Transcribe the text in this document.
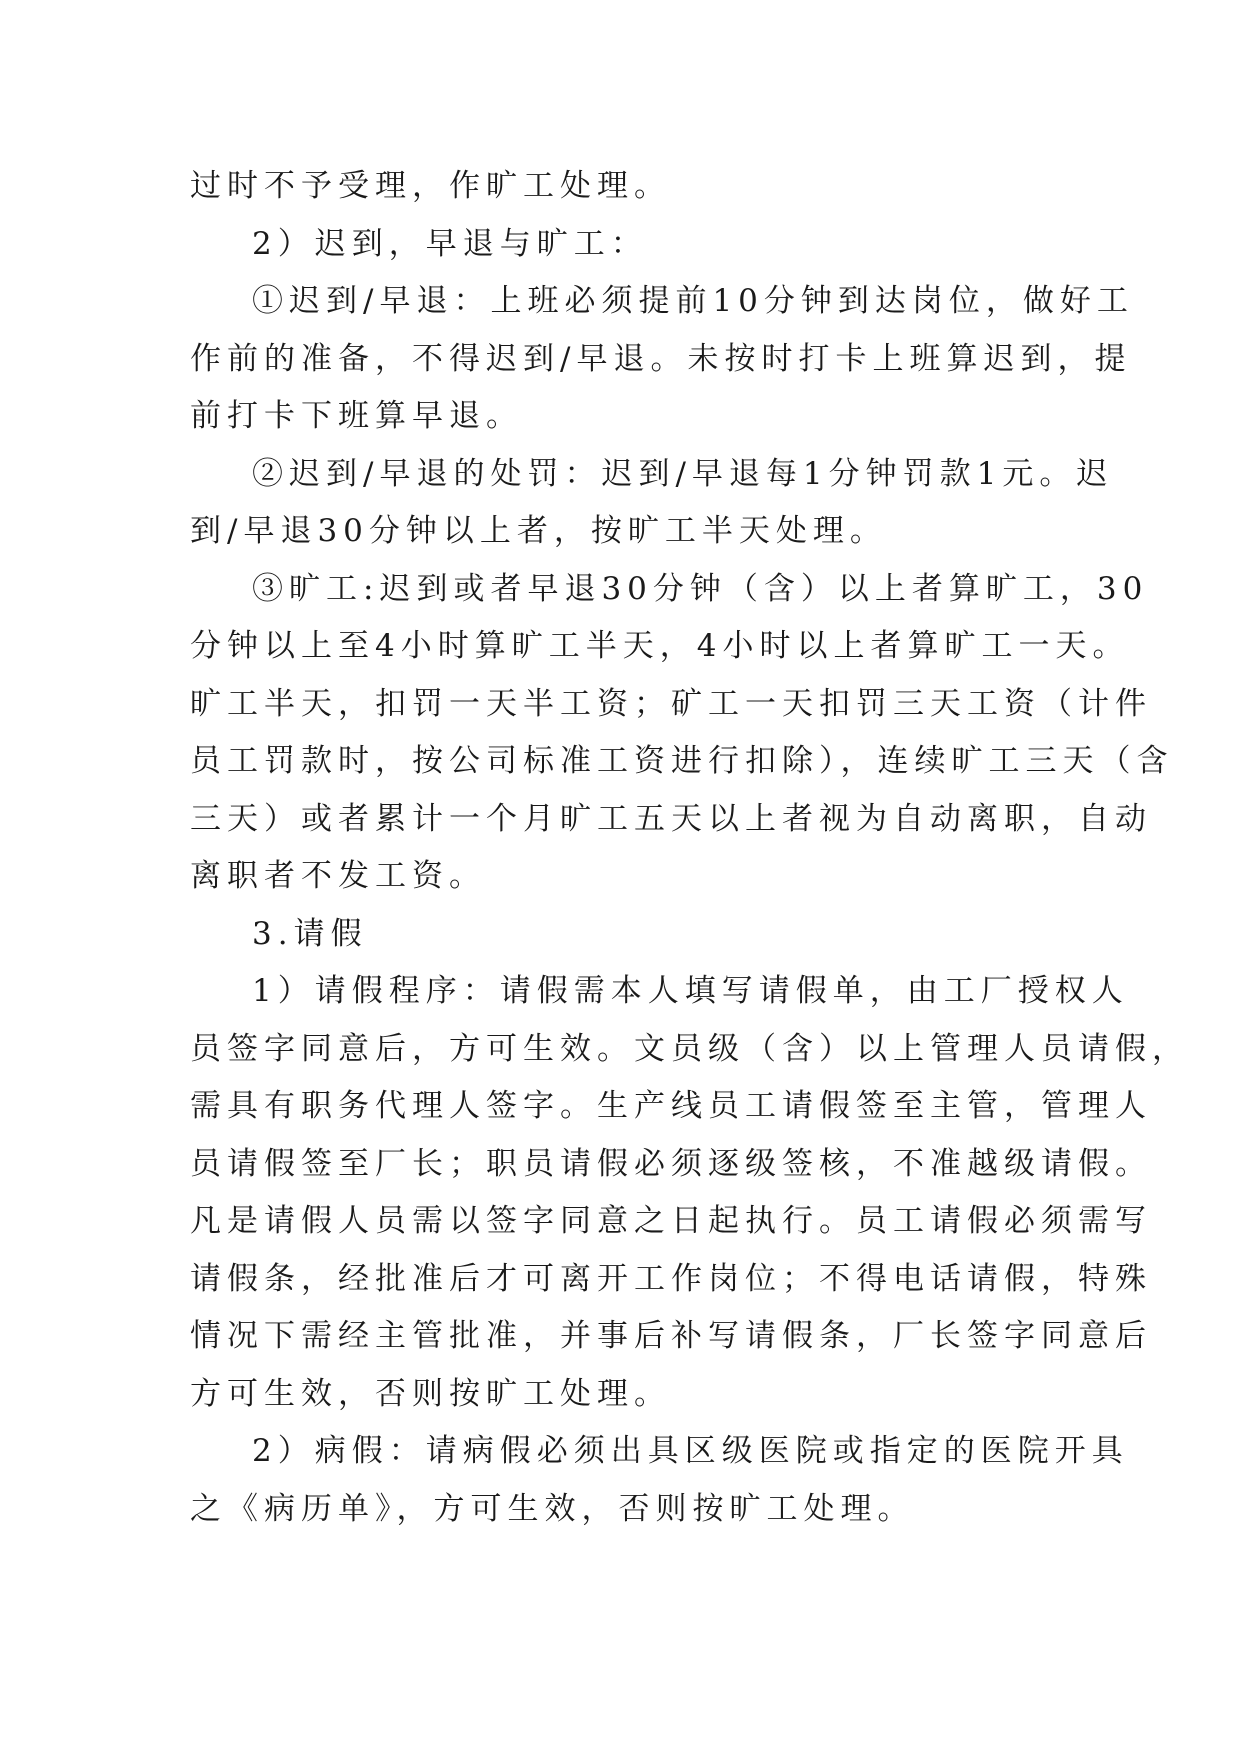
过时不予受理，作旷工处理。
2）迟到，早退与旷工：
①迟到/早退：上班必须提前10分钟到达岗位，做好工
作前的准备，不得迟到/早退。未按时打卡上班算迟到，提
前打卡下班算早退。
②迟到/早退的处罚：迟到/早退每1分钟罚款1元。迟
到/早退30分钟以上者，按旷工半天处理。
③旷工:迟到或者早退30分钟（含）以上者算旷工，30
分钟以上至4小时算旷工半天，4小时以上者算旷工一天。
旷工半天，扣罚一天半工资；矿工一天扣罚三天工资（计件
员工罚款时，按公司标准工资进行扣除），连续旷工三天（含
三天）或者累计一个月旷工五天以上者视为自动离职，自动
离职者不发工资。
3.请假
1）请假程序：请假需本人填写请假单，由工厂授权人
员签字同意后，方可生效。文员级（含）以上管理人员请假，
需具有职务代理人签字。生产线员工请假签至主管，管理人
员请假签至厂长；职员请假必须逐级签核，不准越级请假。
凡是请假人员需以签字同意之日起执行。员工请假必须需写
请假条，经批准后才可离开工作岗位；不得电话请假，特殊
情况下需经主管批准，并事后补写请假条，厂长签字同意后
方可生效，否则按旷工处理。
2）病假：请病假必须出具区级医院或指定的医院开具
之《病历单》，方可生效，否则按旷工处理。
